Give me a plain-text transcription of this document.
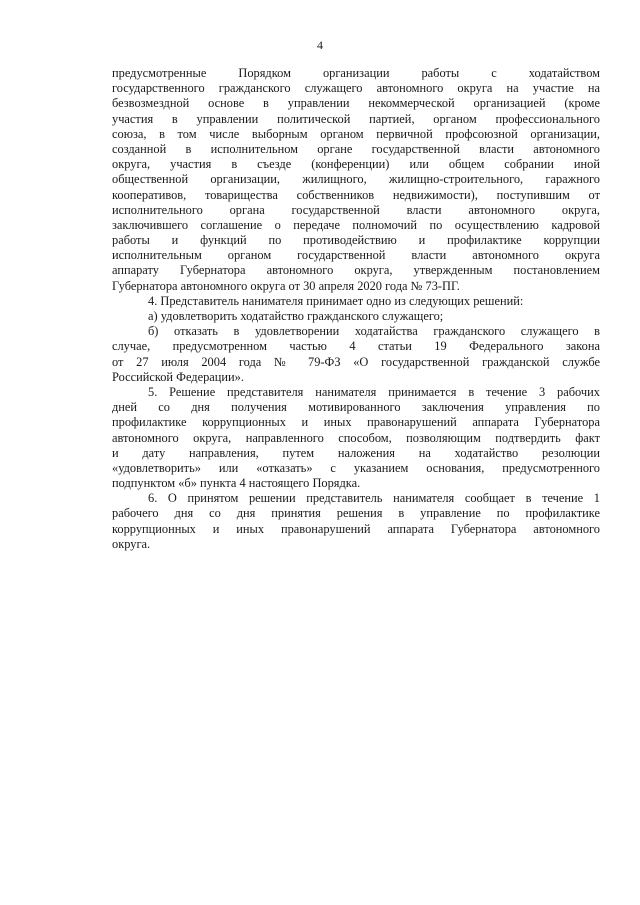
4
предусмотренные Порядком организации работы с ходатайством
государственного гражданского служащего автономного округа на участие на
безвозмездной основе в управлении некоммерческой организацией (кроме
участия в управлении политической партией, органом профессионального
союза, в том числе выборным органом первичной профсоюзной организации,
созданной в исполнительном органе государственной власти автономного
округа, участия в съезде (конференции) или общем собрании иной
общественной организации, жилищного, жилищно-строительного, гаражного
кооперативов, товарищества собственников недвижимости), поступившим от
исполнительного органа государственной власти автономного округа,
заключившего соглашение о передаче полномочий по осуществлению кадровой
работы и функций по противодействию и профилактике коррупции
исполнительным органом государственной власти автономного округа
аппарату Губернатора автономного округа, утвержденным постановлением
Губернатора автономного округа от 30 апреля 2020 года № 73-ПГ.
4. Представитель нанимателя принимает одно из следующих решений:
а) удовлетворить ходатайство гражданского служащего;
б) отказать в удовлетворении ходатайства гражданского служащего в
случае, предусмотренном частью 4 статьи 19 Федерального закона
от 27 июля 2004 года № 79-ФЗ «О государственной гражданской службе
Российской Федерации».
5. Решение представителя нанимателя принимается в течение 3 рабочих
дней со дня получения мотивированного заключения управления по
профилактике коррупционных и иных правонарушений аппарата Губернатора
автономного округа, направленного способом, позволяющим подтвердить факт
и дату направления, путем наложения на ходатайство резолюции
«удовлетворить» или «отказать» с указанием основания, предусмотренного
подпунктом «б» пункта 4 настоящего Порядка.
6. О принятом решении представитель нанимателя сообщает в течение 1
рабочего дня со дня принятия решения в управление по профилактике
коррупционных и иных правонарушений аппарата Губернатора автономного
округа.
